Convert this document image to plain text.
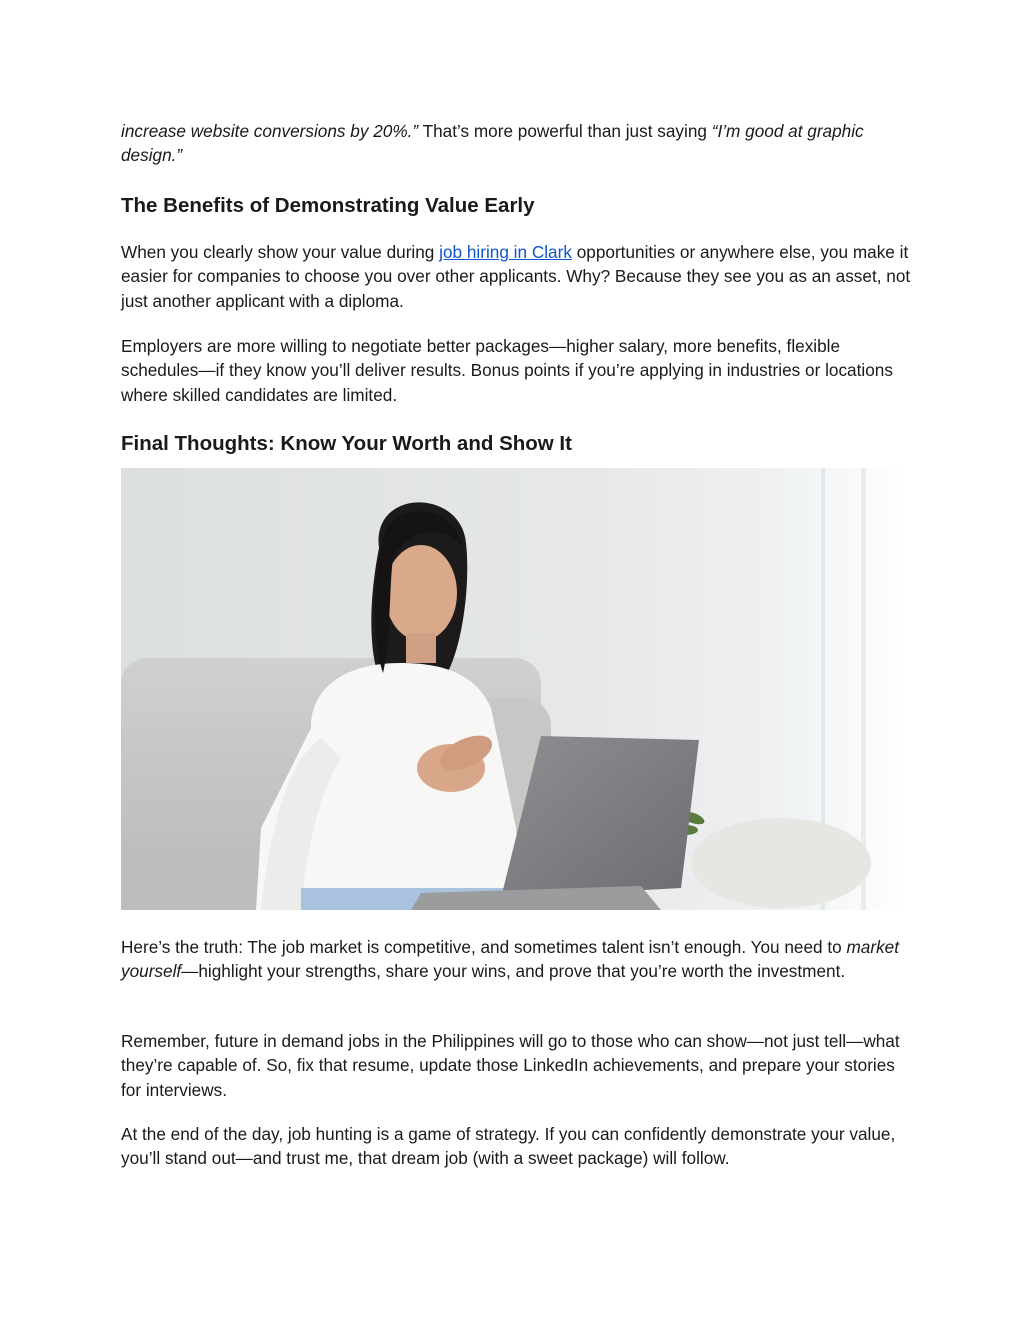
increase website conversions by 20%.” That’s more powerful than just saying “I’m good at graphic design.”

The Benefits of Demonstrating Value Early

When you clearly show your value during job hiring in Clark opportunities or anywhere else, you make it easier for companies to choose you over other applicants. Why? Because they see you as an asset, not just another applicant with a diploma.

Employers are more willing to negotiate better packages—higher salary, more benefits, flexible schedules—if they know you’ll deliver results. Bonus points if you’re applying in industries or locations where skilled candidates are limited.

Final Thoughts: Know Your Worth and Show It

Here’s the truth: The job market is competitive, and sometimes talent isn’t enough. You need to market yourself—highlight your strengths, share your wins, and prove that you’re worth the investment.

Remember, future in demand jobs in the Philippines will go to those who can show—not just tell—what they’re capable of. So, fix that resume, update those LinkedIn achievements, and prepare your stories for interviews.

At the end of the day, job hunting is a game of strategy. If you can confidently demonstrate your value, you’ll stand out—and trust me, that dream job (with a sweet package) will follow.
